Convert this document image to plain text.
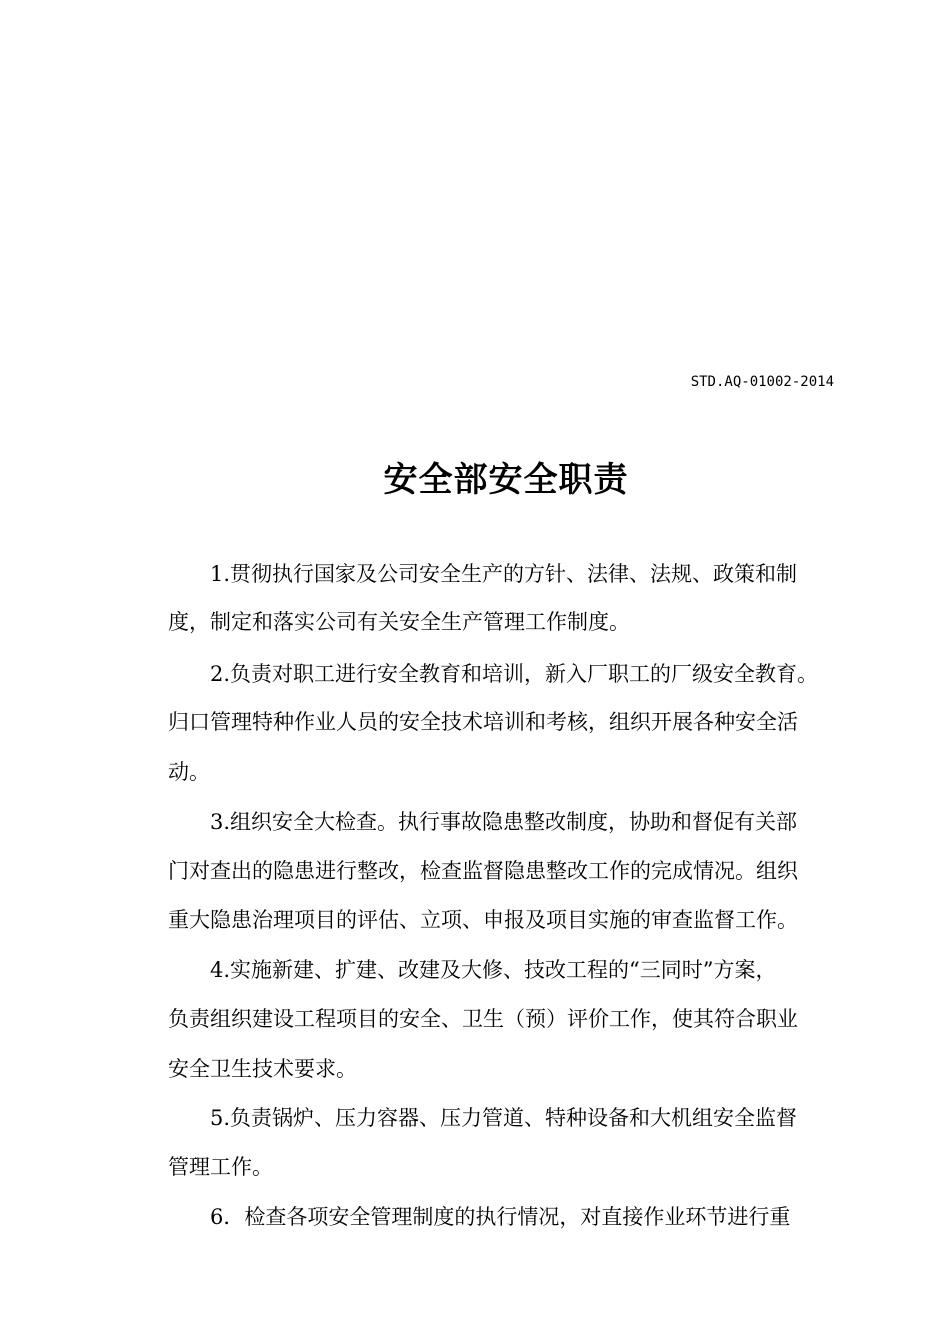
STD.AQ-01002-2014
安全部安全职责
1.贯彻执行国家及公司安全生产的方针、法律、法规、政策和制
度，制定和落实公司有关安全生产管理工作制度。
2.负责对职工进行安全教育和培训，新入厂职工的厂级安全教育。
归口管理特种作业人员的安全技术培训和考核，组织开展各种安全活
动。
3.组织安全大检查。执行事故隐患整改制度，协助和督促有关部
门对查出的隐患进行整改，检查监督隐患整改工作的完成情况。组织
重大隐患治理项目的评估、立项、申报及项目实施的审查监督工作。
4.实施新建、扩建、改建及大修、技改工程的“三同时”方案，
负责组织建设工程项目的安全、卫生（预）评价工作，使其符合职业
安全卫生技术要求。
5.负责锅炉、压力容器、压力管道、特种设备和大机组安全监督
管理工作。
6．检查各项安全管理制度的执行情况，对直接作业环节进行重
